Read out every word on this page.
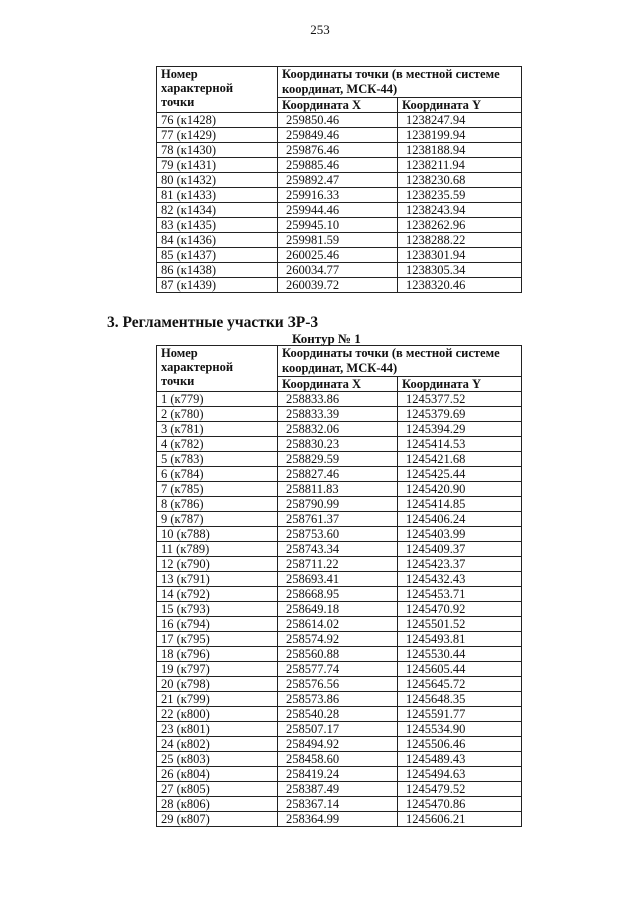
253
Номер
характерной
точки	Координаты точки (в местной системе координат, МСК-44)	
	Координата X	Координата Y
76 (к1428)	259850.46	1238247.94
77 (к1429)	259849.46	1238199.94
78 (к1430)	259876.46	1238188.94
79 (к1431)	259885.46	1238211.94
80 (к1432)	259892.47	1238230.68
81 (к1433)	259916.33	1238235.59
82 (к1434)	259944.46	1238243.94
83 (к1435)	259945.10	1238262.96
84 (к1436)	259981.59	1238288.22
85 (к1437)	260025.46	1238301.94
86 (к1438)	260034.77	1238305.34
87 (к1439)	260039.72	1238320.46
3. Регламентные участки ЗР-3
Контур № 1
Номер
характерной
точки	Координаты точки (в местной системе координат, МСК-44)	
	Координата X	Координата Y
1 (к779)	258833.86	1245377.52
2 (к780)	258833.39	1245379.69
3 (к781)	258832.06	1245394.29
4 (к782)	258830.23	1245414.53
5 (к783)	258829.59	1245421.68
6 (к784)	258827.46	1245425.44
7 (к785)	258811.83	1245420.90
8 (к786)	258790.99	1245414.85
9 (к787)	258761.37	1245406.24
10 (к788)	258753.60	1245403.99
11 (к789)	258743.34	1245409.37
12 (к790)	258711.22	1245423.37
13 (к791)	258693.41	1245432.43
14 (к792)	258668.95	1245453.71
15 (к793)	258649.18	1245470.92
16 (к794)	258614.02	1245501.52
17 (к795)	258574.92	1245493.81
18 (к796)	258560.88	1245530.44
19 (к797)	258577.74	1245605.44
20 (к798)	258576.56	1245645.72
21 (к799)	258573.86	1245648.35
22 (к800)	258540.28	1245591.77
23 (к801)	258507.17	1245534.90
24 (к802)	258494.92	1245506.46
25 (к803)	258458.60	1245489.43
26 (к804)	258419.24	1245494.63
27 (к805)	258387.49	1245479.52
28 (к806)	258367.14	1245470.86
29 (к807)	258364.99	1245606.21
